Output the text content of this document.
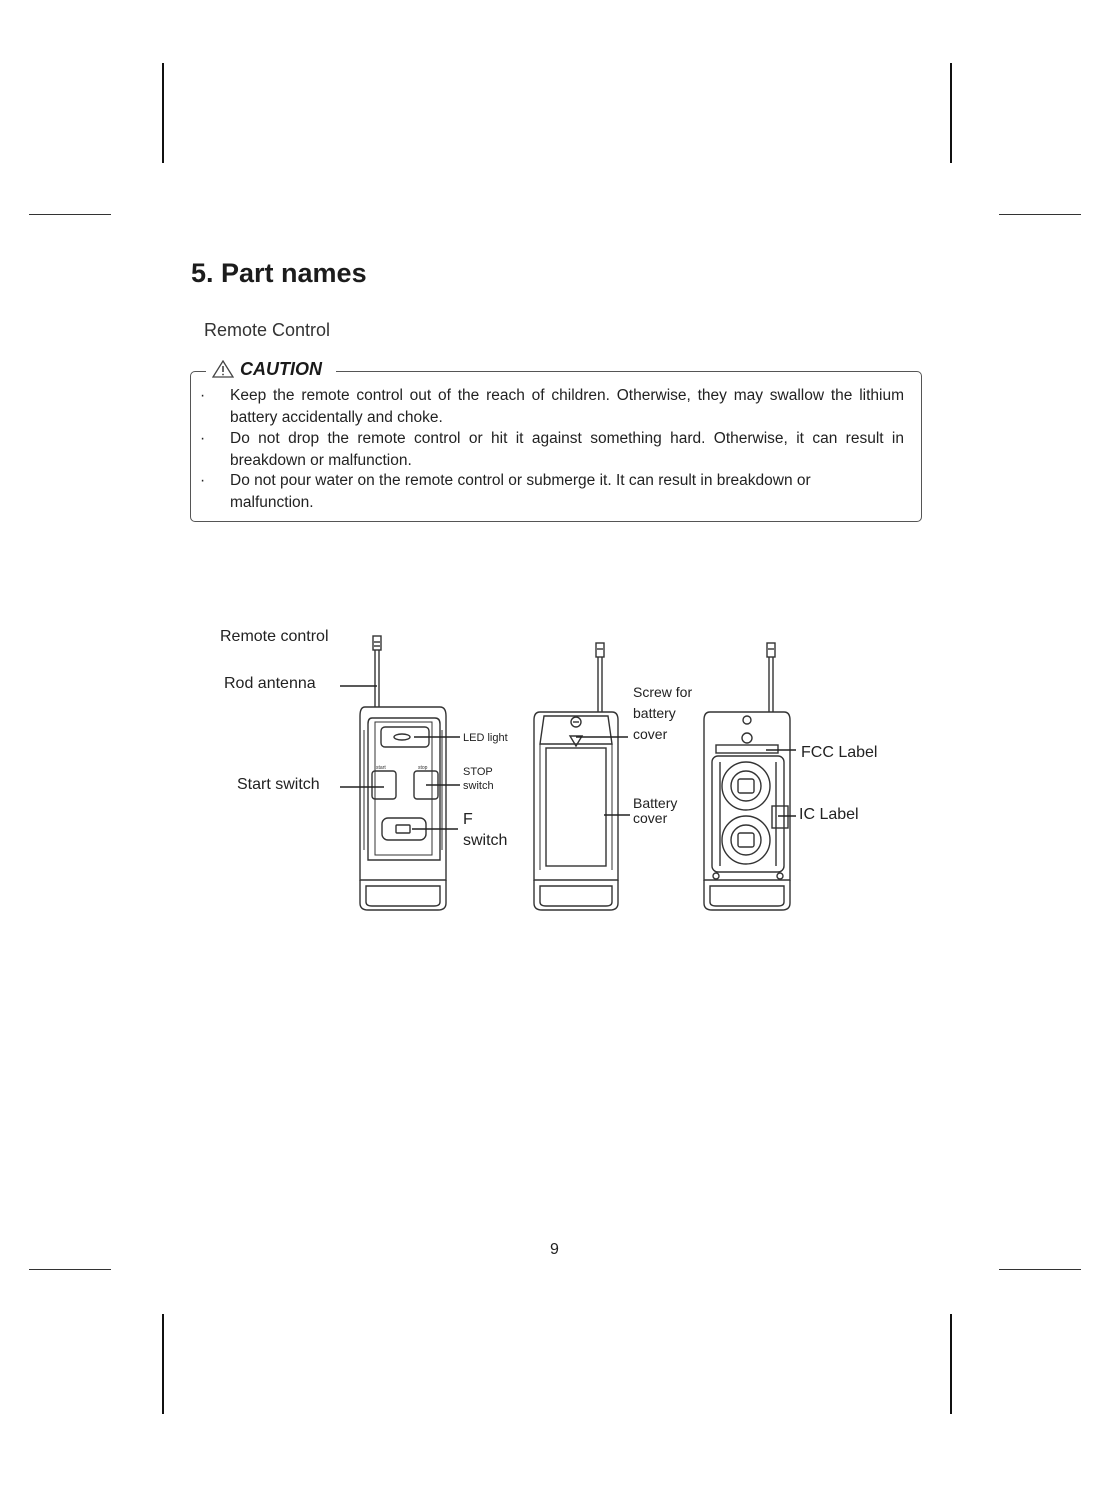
5. Part names
Remote Control
CAUTION
· Keep the remote control out of the reach of children. Otherwise, they may swallow the lithium battery accidentally and choke.
· Do not drop the remote control or hit it against something hard. Otherwise, it can result in breakdown or malfunction.
· Do not pour water on the remote control or submerge it. It can result in breakdown or malfunction.
start	stop
Remote control
Rod antenna
Start switch
LED light
STOP switch
F switch
Screw for battery cover
Battery cover
FCC Label
IC Label
9
